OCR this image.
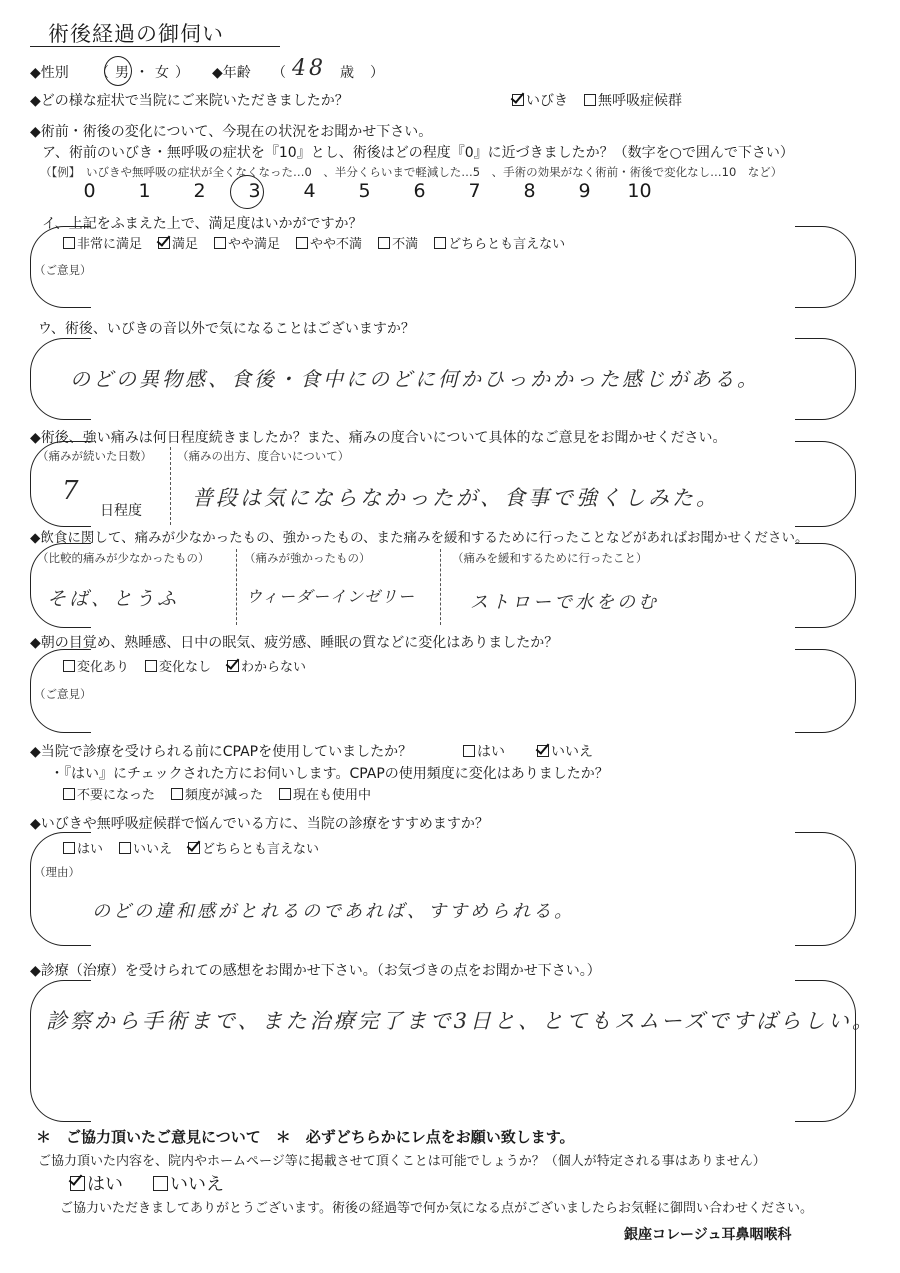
術後経過の御伺い
◆性別 （男・女） ◆年齢 （ 48 歳 ）
◆どの様な症状で当院にご来院いただきましたか？	いびき 無呼吸症候群
◆術前・術後の変化について、今現在の状況をお聞かせ下さい。
ア、術前のいびき・無呼吸の症状を『10』とし、術後はどの程度『0』に近づきましたか？（数字を○で囲んで下さい）
（【例】　いびきや無呼吸の症状が全くなくなった…0　、半分くらいまで軽減した…5　、手術の効果がなく術前・術後で変化なし…10　など）
0 1 2 3 4 5 6 7 8 9 10
イ、上記をふまえた上で、満足度はいかがですか？
非常に満足 満足 やや満足 やや不満 不満 どちらとも言えない
（ご意見）
ウ、術後、いびきの音以外で気になることはございますか？
のどの異物感、食後・食中にのどに何かひっかかった感じがある。
◆術後、強い痛みは何日程度続きましたか？また、痛みの度合いについて具体的なご意見をお聞かせください。
（痛みが続いた日数）
7
日程度
（痛みの出方、度合いについて）
普段は気にならなかったが、食事で強くしみた。
◆飲食に関して、痛みが少なかったもの、強かったもの、また痛みを緩和するために行ったことなどがあればお聞かせください。
（比較的痛みが少なかったもの）
そば、とうふ
（痛みが強かったもの）
ウィーダーインゼリー
（痛みを緩和するために行ったこと）
ストローで水をのむ
◆朝の目覚め、熟睡感、日中の眠気、疲労感、睡眠の質などに変化はありましたか？
変化あり 変化なし わからない
（ご意見）
◆当院で診療を受けられる前にCPAPを使用していましたか？	はい	いいえ
・『はい』にチェックされた方にお伺いします。CPAPの使用頻度に変化はありましたか？
不要になった 頻度が減った 現在も使用中
◆いびきや無呼吸症候群で悩んでいる方に、当院の診療をすすめますか？
はい いいえ どちらとも言えない
（理由）
のどの違和感がとれるのであれば、すすめられる。
◆診療（治療）を受けられての感想をお聞かせ下さい。（お気づきの点をお聞かせ下さい。）
診察から手術まで、また治療完了まで3日と、とてもスムーズですばらしい。
＊　ご協力頂いたご意見について　＊　必ずどちらかにレ点をお願い致します。
ご協力頂いた内容を、院内やホームページ等に掲載させて頂くことは可能でしょうか？（個人が特定される事はありません）
はい	いいえ
ご協力いただきましてありがとうございます。術後の経過等で何か気になる点がございましたらお気軽に御問い合わせください。
銀座コレージュ耳鼻咽喉科
